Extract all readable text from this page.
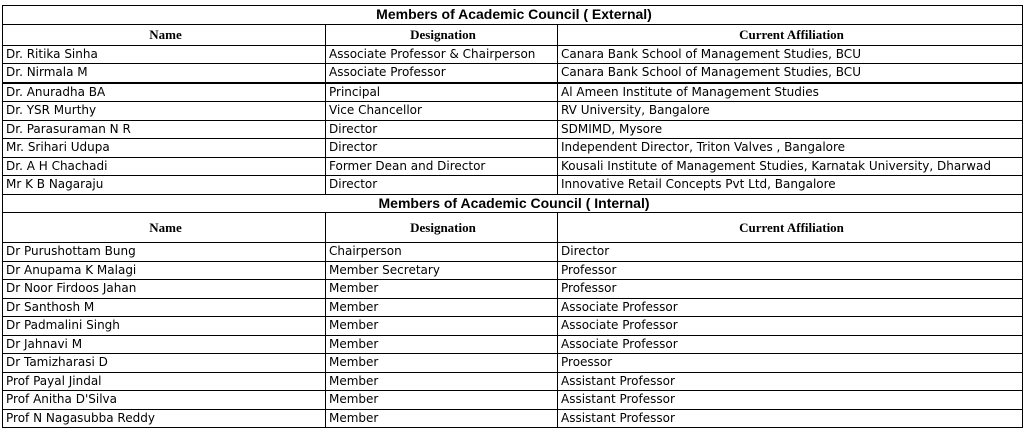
Members of Academic Council ( External)		
Name	Designation	Current Affiliation
Dr. Ritika Sinha	Associate Professor & Chairperson	Canara Bank School of Management Studies, BCU
Dr. Nirmala M	Associate Professor	Canara Bank School of Management Studies, BCU
Dr. Anuradha BA	Principal	Al Ameen Institute of Management Studies
Dr. YSR Murthy	Vice Chancellor	RV University, Bangalore
Dr. Parasuraman N R	Director	SDMIMD, Mysore
Mr. Srihari Udupa	Director	Independent Director, Triton Valves , Bangalore
Dr. A H Chachadi	Former Dean and Director	Kousali Institute of Management Studies, Karnatak University, Dharwad
Mr K B Nagaraju	Director	Innovative Retail Concepts Pvt Ltd, Bangalore
Members of Academic Council ( Internal)		
Name	Designation	Current Affiliation
Dr Purushottam Bung	Chairperson	Director
Dr Anupama K Malagi	Member Secretary	Professor
Dr Noor Firdoos Jahan	Member	Professor
Dr Santhosh M	Member	Associate Professor
Dr Padmalini Singh	Member	Associate Professor
Dr Jahnavi M	Member	Associate Professor
Dr Tamizharasi D	Member	Proessor
Prof Payal Jindal	Member	Assistant Professor
Prof Anitha D'Silva	Member	Assistant Professor
Prof N Nagasubba Reddy	Member	Assistant Professor
